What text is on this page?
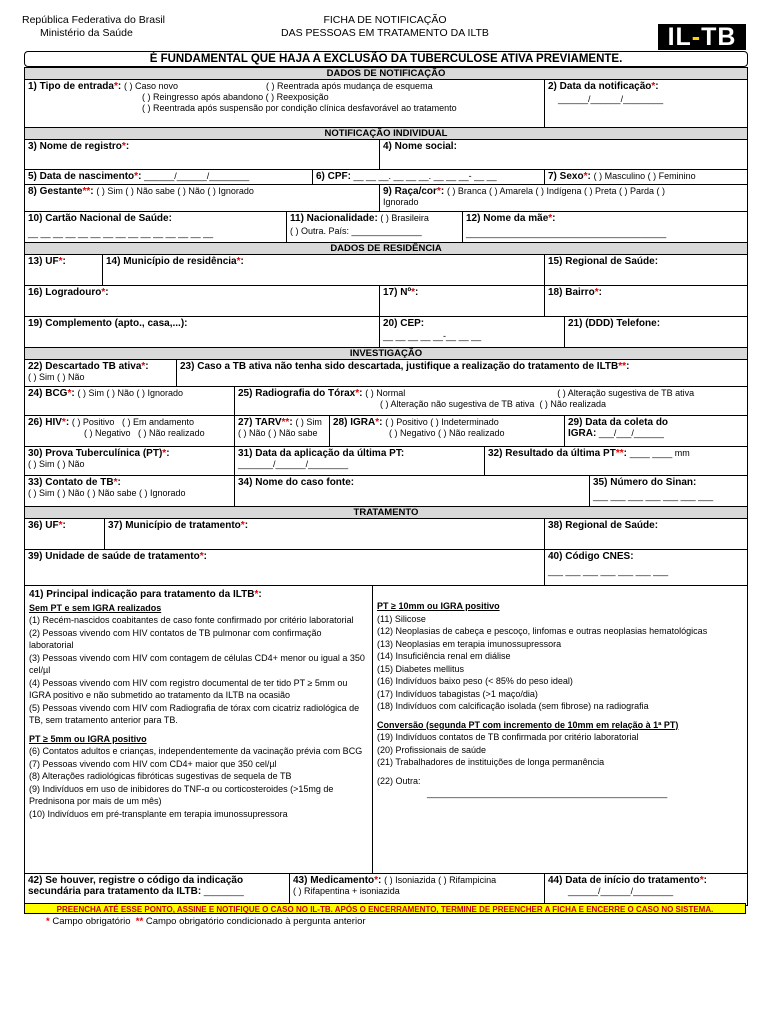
República Federativa do Brasil
Ministério da Saúde
FICHA DE NOTIFICAÇÃO
DAS PESSOAS EM TRATAMENTO DA ILTB	IL-TB
É FUNDAMENTAL QUE HAJA A EXCLUSÃO DA TUBERCULOSE ATIVA PREVIAMENTE.
DADOS DE NOTIFICAÇÃO
1) Tipo de entrada * : ( ) Caso novo	( ) Reentrada após mudança de esquema
( ) Reingresso após abandono ( ) Reexposição
( ) Reentrada após suspensão por condição clínica desfavorável ao tratamento
2) Data da notificação*:
______/______/________
NOTIFICAÇÃO INDIVIDUAL
3) Nome de registro*:	4) Nome social:
5) Data de nascimento*: ______/______/________	6) CPF: __ __ __. __ __ __. __ __ __- __ __	7) Sexo*: ( ) Masculino ( ) Feminino
8) Gestante**: ( ) Sim ( ) Não sabe ( ) Não ( ) Ignorado	9) Raça/cor*: ( ) Branca ( ) Amarela ( ) Indígena ( ) Preta ( ) Parda ( )
Ignorado
10) Cartão Nacional de Saúde:
__ __ __ __ __ __ __ __ __ __ __ __ __ __ __
11) Nacionalidade: ( ) Brasileira
( ) Outra. País: ______________
12) Nome da mãe*:
________________________________________
DADOS DE RESIDÊNCIA
13) UF*:	14) Município de residência*:	15) Regional de Saúde:
16) Logradouro*:	17) Nº*:	18) Bairro*:
19) Complemento (apto., casa,...):	20) CEP:
__ __ __ __ __-__ __ __
21) (DDD) Telefone:
INVESTIGAÇÃO
22) Descartado TB ativa*:
( ) Sim ( ) Não
23) Caso a TB ativa não tenha sido descartada, justifique a realização do tratamento de ILTB**:
24) BCG*: ( ) Sim ( ) Não ( ) Ignorado	25) Radiografia do Tórax * : ( ) Normal	( ) Alteração sugestiva de TB ativa
( ) Alteração não sugestiva de TB ativa ( ) Não realizada
26) HIV*: ( ) Positivo ( ) Em andamento
( ) Negativo ( ) Não realizado
27) TARV**: ( ) Sim
( ) Não ( ) Não sabe
28) IGRA*: ( ) Positivo ( ) Indeterminado
( ) Negativo ( ) Não realizado
29) Data da coleta do
IGRA: ___/___/______
30) Prova Tuberculínica (PT)*:
( ) Sim ( ) Não
31) Data da aplicação da última PT:
_______/______/________
32) Resultado da última PT**: ____ ____ mm
33) Contato de TB*:
( ) Sim ( ) Não ( ) Não sabe ( ) Ignorado
34) Nome do caso fonte:	35) Número do Sinan:
___ ___ ___ ___ ___ ___ ___
TRATAMENTO
36) UF*:	37) Município de tratamento*:	38) Regional de Saúde:
39) Unidade de saúde de tratamento*:	40) Código CNES:
___ ___ ___ ___ ___ ___ ___
41) Principal indicação para tratamento da ILTB*:
Sem PT e sem IGRA realizados
(1) Recém-nascidos coabitantes de caso fonte confirmado por critério laboratorial
(2) Pessoas vivendo com HIV contatos de TB pulmonar com confirmação laboratorial
(3) Pessoas vivendo com HIV com contagem de células CD4+ menor ou igual a 350 cel/µl
(4) Pessoas vivendo com HIV com registro documental de ter tido PT ≥ 5mm ou IGRA positivo e não submetido ao tratamento da ILTB na ocasião
(5) Pessoas vivendo com HIV com Radiografia de tórax com cicatriz radiológica de TB, sem tratamento anterior para TB.
PT ≥ 5mm ou IGRA positivo
(6) Contatos adultos e crianças, independentemente da vacinação prévia com BCG
(7) Pessoas vivendo com HIV com CD4+ maior que 350 cel/µl
(8) Alterações radiológicas fibróticas sugestivas de sequela de TB
(9) Indivíduos em uso de inibidores do TNF-α ou corticosteroides (>15mg de Prednisona por mais de um mês)
(10) Indivíduos em pré-transplante em terapia imunossupressora
PT ≥ 10mm ou IGRA positivo
(11) Silicose
(12) Neoplasias de cabeça e pescoço, linfomas e outras neoplasias hematológicas
(13) Neoplasias em terapia imunossupressora
(14) Insuficiência renal em diálise
(15) Diabetes mellitus
(16) Indivíduos baixo peso (< 85% do peso ideal)
(17) Indivíduos tabagistas (>1 maço/dia)
(18) Indivíduos com calcificação isolada (sem fibrose) na radiografia
Conversão (segunda PT com incremento de 10mm em relação à 1ª PT)
(19) Indivíduos contatos de TB confirmada por critério laboratorial
(20) Profissionais de saúde
(21) Trabalhadores de instituições de longa permanência
(22) Outra:
________________________________________________
42) Se houver, registre o código da indicação
secundária para tratamento da ILTB: ________
43) Medicamento*: ( ) Isoniazida ( ) Rifampicina
( ) Rifapentina + isoniazida
44) Data de início do tratamento*:
______/______/________
PREENCHA ATÉ ESSE PONTO, ASSINE E NOTIFIQUE O CASO NO IL-TB. APÓS O ENCERRAMENTO, TERMINE DE PREENCHER A FICHA E ENCERRE O CASO NO SISTEMA.
* Campo obrigatório ** Campo obrigatório condicionado à pergunta anterior
